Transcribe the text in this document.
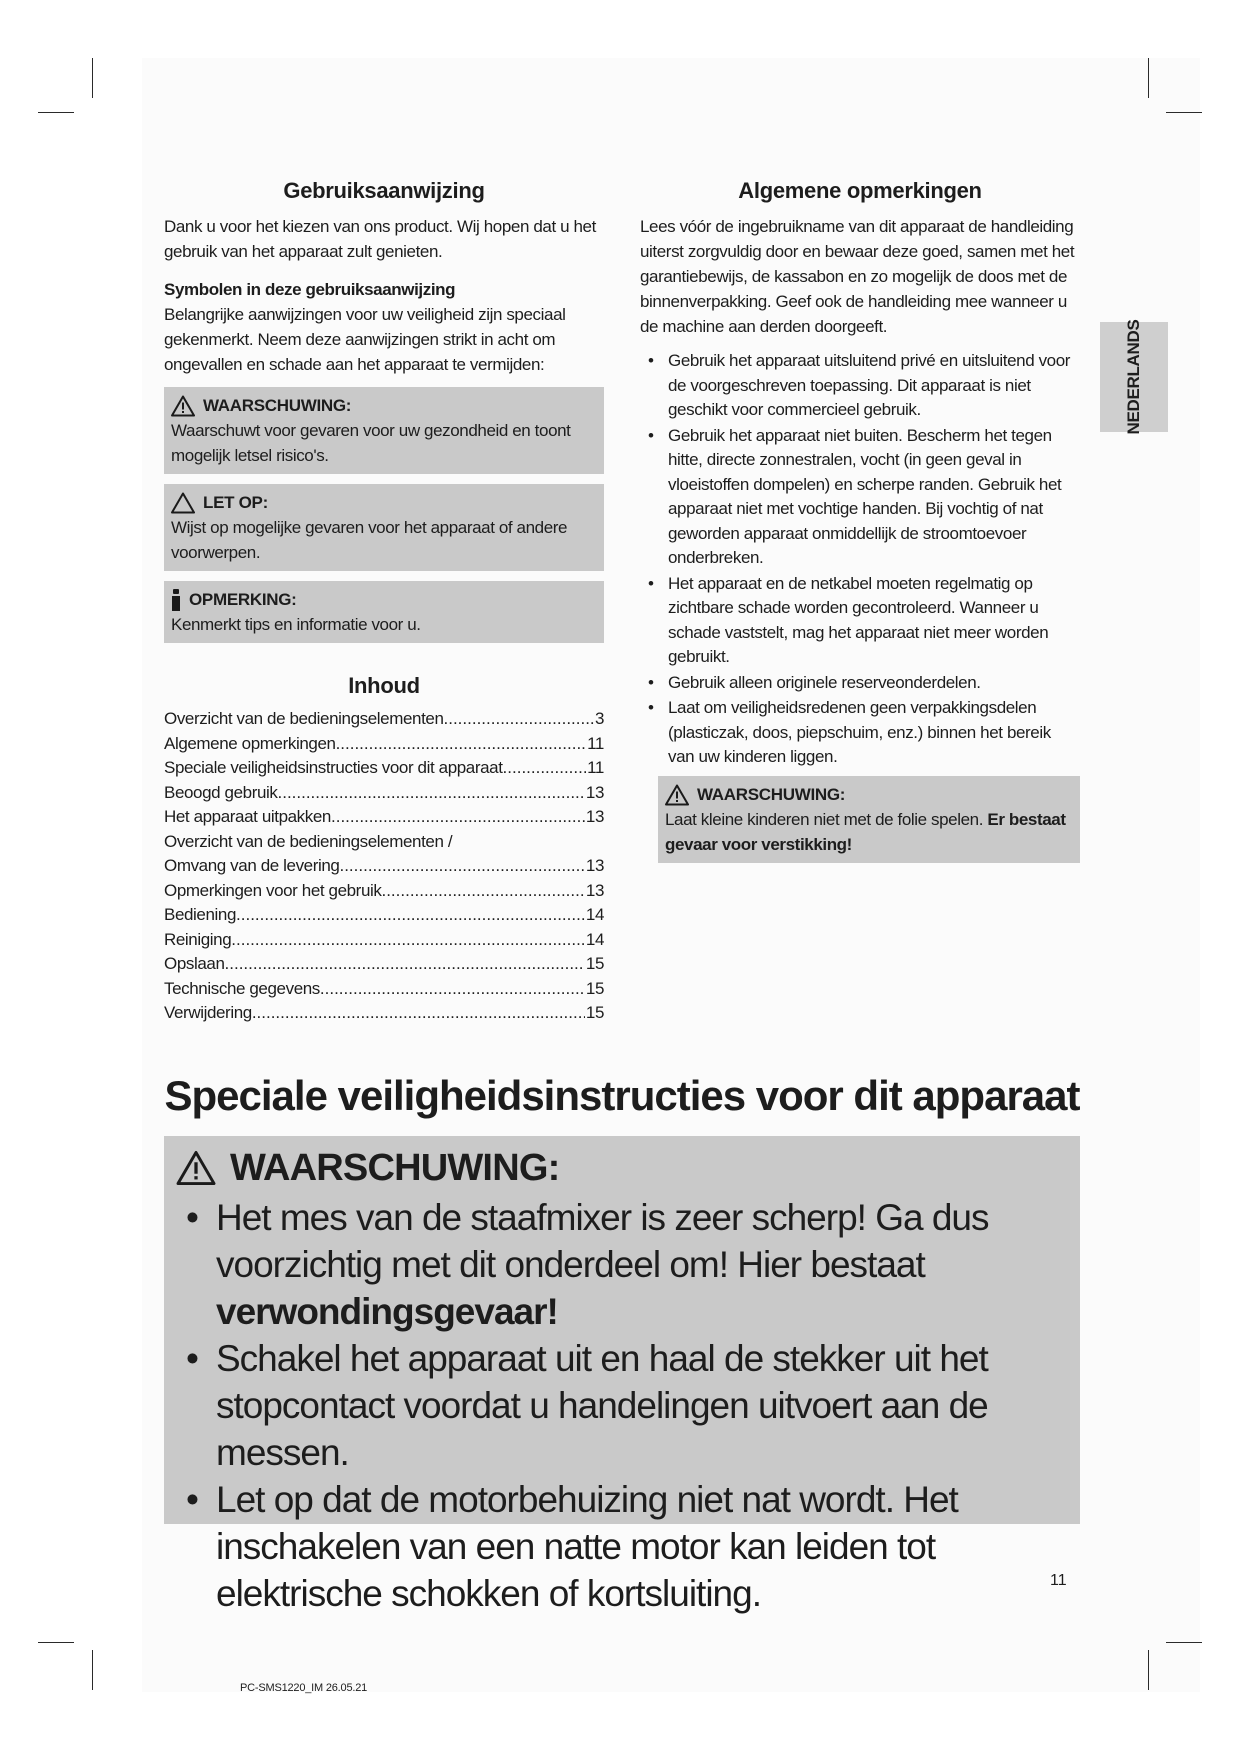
Gebruiksaanwijzing

Dank u voor het kiezen van ons product. Wij hopen dat u het gebruik van het apparaat zult genieten.

Symbolen in deze gebruiksaanwijzing

Belangrijke aanwijzingen voor uw veiligheid zijn speciaal gekenmerkt. Neem deze aanwijzingen strikt in acht om ongevallen en schade aan het apparaat te vermijden:

WAARSCHUWING:
Waarschuwt voor gevaren voor uw gezondheid en toont mogelijk letsel risico's.
LET OP:
Wijst op mogelijke gevaren voor het apparaat of andere voorwerpen.
OPMERKING:
Kenmerkt tips en informatie voor u.
Inhoud
Overzicht van de bedieningselementen .....	3
Algemene opmerkingen .....	11
Speciale veiligheidsinstructies voor dit apparaat .....	11
Beoogd gebruik .....	13
Het apparaat uitpakken .....	13
Overzicht van de bedieningselementen /
Omvang van de levering .....	13
Opmerkingen voor het gebruik .....	13
Bediening .....	14
Reiniging .....	14
Opslaan .....	15
Technische gegevens .....	15
Verwijdering .....	15
Algemene opmerkingen

Lees vóór de ingebruikname van dit apparaat de handleiding uiterst zorgvuldig door en bewaar deze goed, samen met het garantiebewijs, de kassabon en zo mogelijk de doos met de binnenverpakking. Geef ook de handleiding mee wanneer u de machine aan derden doorgeeft.

• Gebruik het apparaat uitsluitend privé en uitsluitend voor de voorgeschreven toepassing. Dit apparaat is niet geschikt voor commercieel gebruik.
• Gebruik het apparaat niet buiten. Bescherm het tegen hitte, directe zonnestralen, vocht (in geen geval in vloeistoffen dompelen) en scherpe randen. Gebruik het apparaat niet met vochtige handen. Bij vochtig of nat geworden apparaat onmiddellijk de stroomtoevoer onderbreken.
• Het apparaat en de netkabel moeten regelmatig op zichtbare schade worden gecontroleerd. Wanneer u schade vaststelt, mag het apparaat niet meer worden gebruikt.
• Gebruik alleen originele reserveonderdelen.
• Laat om veiligheidsredenen geen verpakkingsdelen (plasticzak, doos, piepschuim, enz.) binnen het bereik van uw kinderen liggen.
WAARSCHUWING:
Laat kleine kinderen niet met de folie spelen. Er bestaat gevaar voor verstikking!
NEDERLANDS
Speciale veiligheidsinstructies voor dit apparaat
WAARSCHUWING:
• Het mes van de staafmixer is zeer scherp! Ga dus voorzichtig met dit onderdeel om! Hier bestaat verwondingsgevaar!
• Schakel het apparaat uit en haal de stekker uit het stopcontact voordat u handelingen uitvoert aan de messen.
• Let op dat de motorbehuizing niet nat wordt. Het inschakelen van een natte motor kan leiden tot elektrische schokken of kortsluiting.	11
PC-SMS1220_IM 26.05.21
